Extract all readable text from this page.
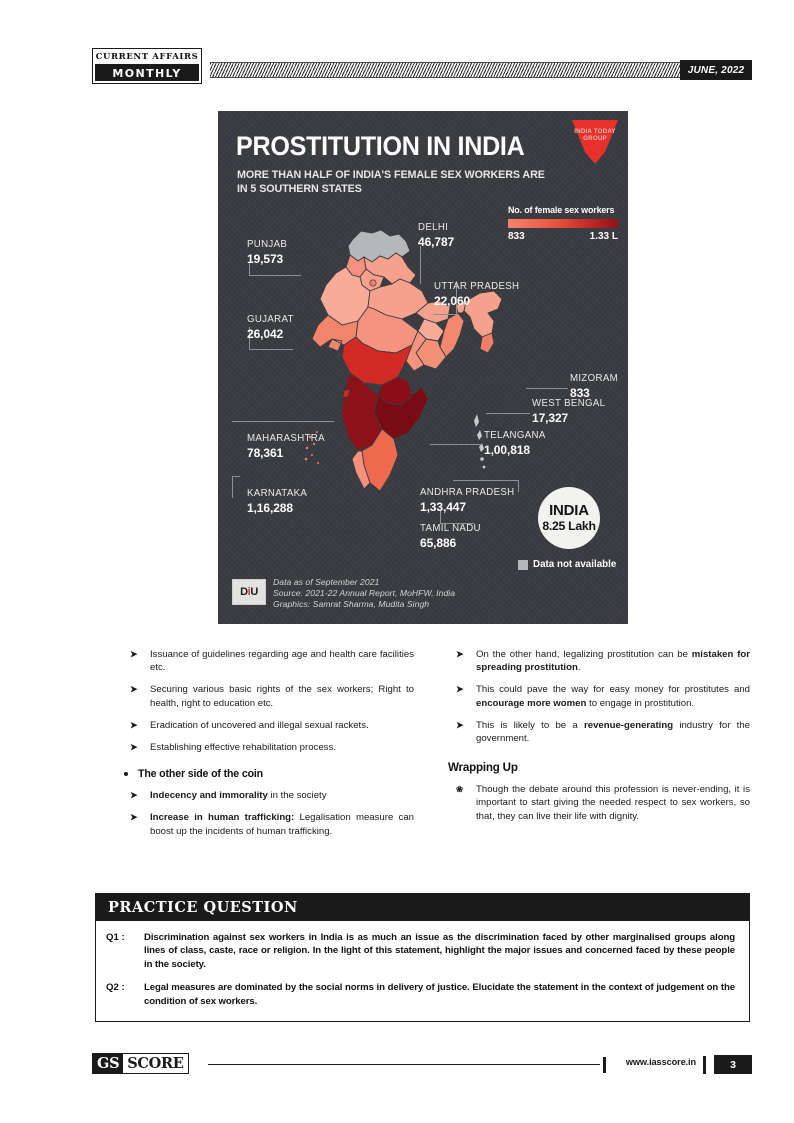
CURRENT AFFAIRS
MONTHLY	JUNE, 2022
PROSTITUTION IN INDIA
MORE THAN HALF OF INDIA'S FEMALE SEX WORKERS ARE IN 5 SOUTHERN STATES
INDIA TODAY GROUP
No. of female sex workers
833	1.33 L
PUNJAB
19,573
DELHI
46,787
UTTAR PRADESH
22,060
GUJARAT
26,042
MIZORAM
833
WEST BENGAL
17,327
MAHARASHTRA
78,361
TELANGANA
1,00,818
KARNATAKA
1,16,288
ANDHRA PRADESH
1,33,447
TAMIL NADU
65,886
INDIA
8.25 Lakh
Data not available
DiU
Data as of September 2021
Source: 2021-22 Annual Report, MoHFW, India
Graphics: Samrat Sharma, Mudita Singh
➤ Issuance of guidelines regarding age and health care facilities etc.
➤ Securing various basic rights of the sex workers; Right to health, right to education etc.
➤ Eradication of uncovered and illegal sexual rackets.
➤ Establishing effective rehabilitation process.
The other side of the coin
➤ Indecency and immorality in the society
➤ Increase in human trafficking: Legalisation measure can boost up the incidents of human trafficking.
➤ On the other hand, legalizing prostitution can be mistaken for spreading prostitution.
➤ This could pave the way for easy money for prostitutes and encourage more women to engage in prostitution.
➤ This is likely to be a revenue-generating industry for the government.
Wrapping Up
❀ Though the debate around this profession is never-ending, it is important to start giving the needed respect to sex workers, so that, they can live their life with dignity.
PRACTICE QUESTION
Q1 :	Discrimination against sex workers in India is as much an issue as the discrimination faced by other marginalised groups along lines of class, caste, race or religion. In the light of this statement, highlight the major issues and concerned faced by these people in the society.
Q2 :	Legal measures are dominated by the social norms in delivery of justice. Elucidate the statement in the context of judgement on the condition of sex workers.
GS SCORE	www.iasscore.in	3
